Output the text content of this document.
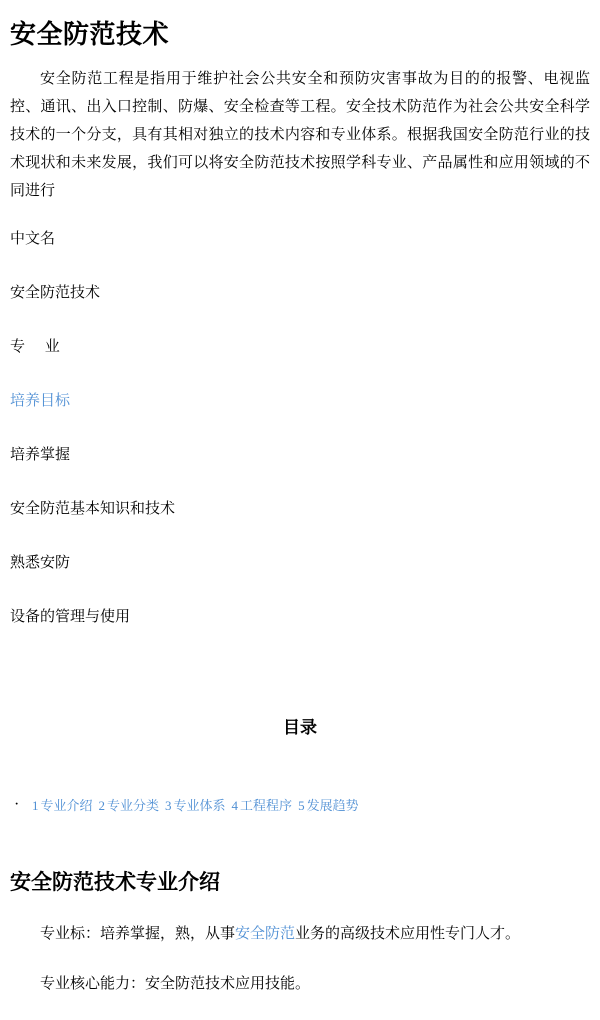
安全防范技术

安全防范工程是指用于维护社会公共安全和预防灾害事故为目的的报警、电视监控、通讯、出入口控制、防爆、安全检查等工程。安全技术防范作为社会公共安全科学技术的一个分支，具有其相对独立的技术内容和专业体系。根据我国安全防范行业的技术现状和未来发展，我们可以将安全防范技术按照学科专业、产品属性和应用领域的不同进行

中文名
安全防范技术
专 业
培养目标
培养掌握
安全防范基本知识和技术
熟悉安防
设备的管理与使用
目录
· 1 专业介绍 2 专业分类 3 专业体系 4 工程程序 5 发展趋势
安全防范技术专业介绍

专业标：培养掌握，熟，从事安全防范业务的高级技术应用性专门人才。

专业核心能力：安全防范技术应用技能。
